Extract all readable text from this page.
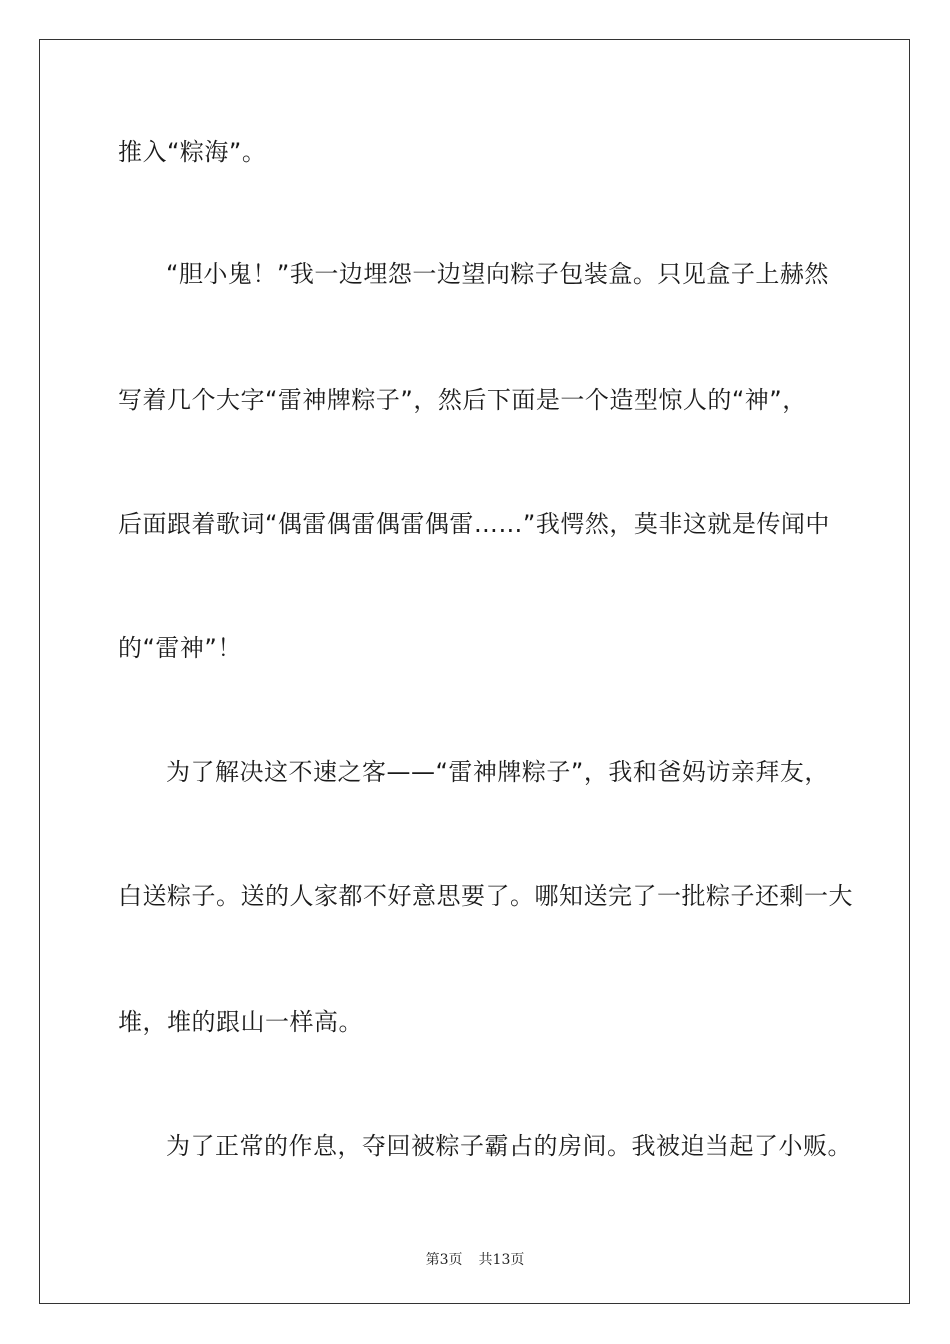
推入“粽海”。
“胆小鬼！”我一边埋怨一边望向粽子包装盒。只见盒子上赫然
写着几个大字“雷神牌粽子”，然后下面是一个造型惊人的“神”，
后面跟着歌词“偶雷偶雷偶雷偶雷……”我愕然，莫非这就是传闻中
的“雷神”！
为了解决这不速之客——“雷神牌粽子”，我和爸妈访亲拜友，
白送粽子。送的人家都不好意思要了。哪知送完了一批粽子还剩一大
堆，堆的跟山一样高。
为了正常的作息，夺回被粽子霸占的房间。我被迫当起了小贩。
第3页 共13页
